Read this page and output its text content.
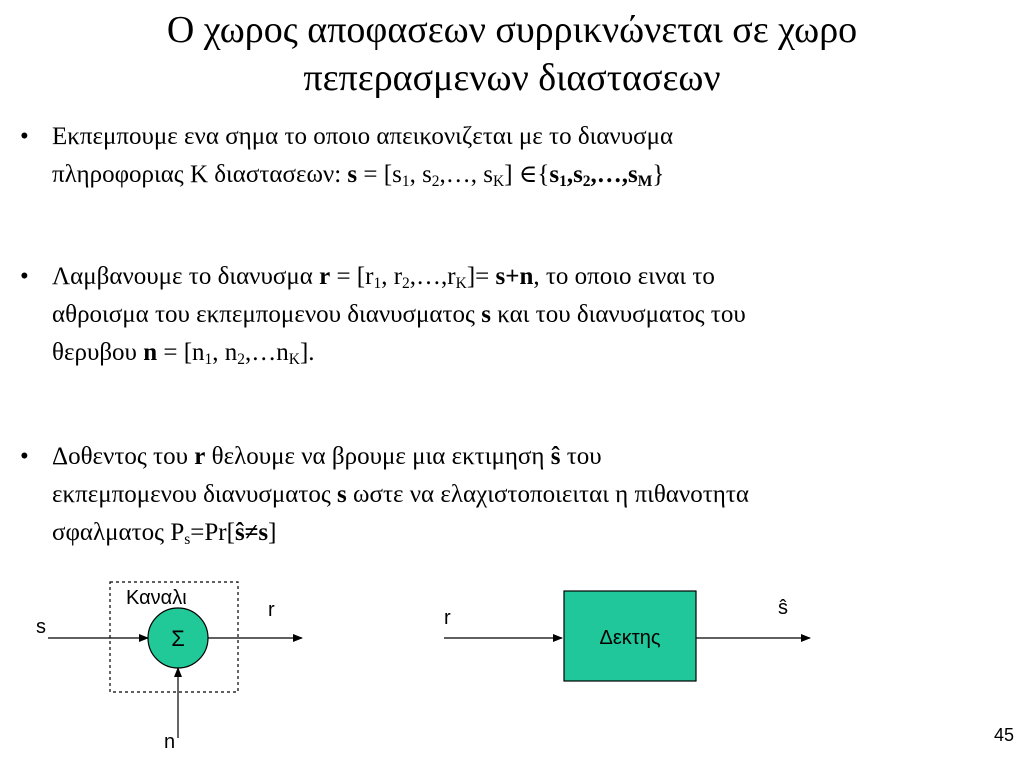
Ο χωρος αποφασεων συρρικνώνεται σε χωρο
πεπερασμενων διαστασεων
• Εκπεμπουμε ενα σημα το οποιο απεικονιζεται με το διανυσμα
πληροφοριας Κ διαστασεων: $s = [s_1$, $s_2,\dots$, $s_K$] $\in\{s_1,s_2,\dots,s_M\}$
• Λαμβανουμε το διανυσμα $r = [r_1$, $r_2,\dots,r_K]= s+n$, το οποιο ειναι το
αθροισμα του εκπεμπομενου διανυσματος s και του διανυσματος του
θερυβου $n = [n_1$, $n_2,\dots n_K$].
• Δοθεντος του r θελουμε να βρουμε μια εκτιμηση ŝ του
εκπεμπομενου διανυσματος s ωστε να ελαχιστοποιειται η πιθανοτητα
σφαλματος $P_s=Pr[ŝ\ne s]$
Καναλι
s	Σ
r
n
r
Δεκτης
ŝ
45
